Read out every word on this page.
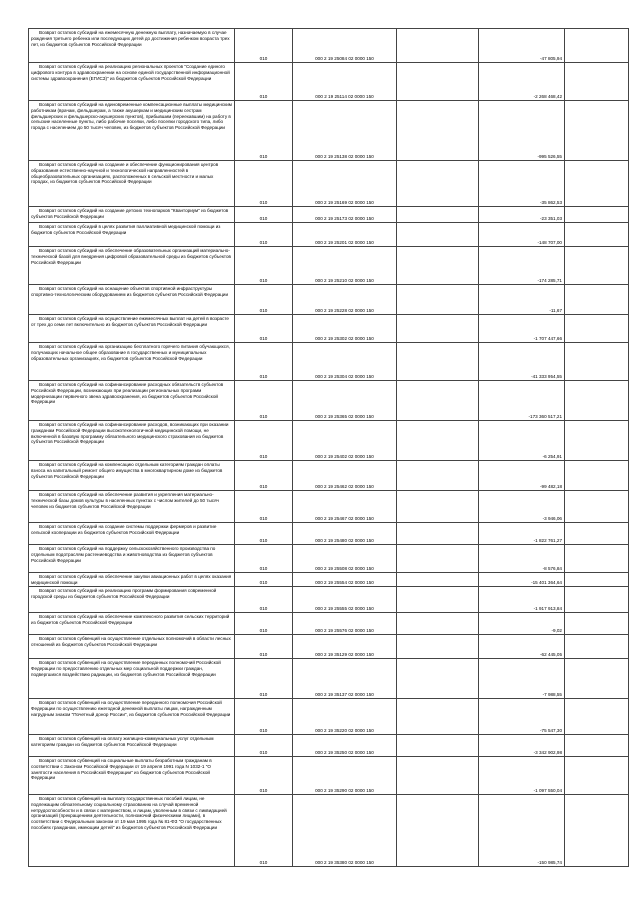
Возврат остатков субсидий на ежемесячную денежную выплату, назначаемую в случае рождения третьего ребенка или последующих детей до достижения ребенком возраста трех лет, из бюджетов субъектов Российской Федерации	010	000 2 19 25084 02 0000 150		-47 805,94	
Возврат остатков субсидий на реализацию региональных проектов "Создание единого цифрового контура в здравоохранении на основе единой государственной информационной системы здравоохранения (ЕГИСЗ)" из бюджетов субъектов Российской Федерации	010	000 2 19 25114 02 0000 150		-2 268 468,42	
Возврат остатков субсидий на единовременные компенсационные выплаты медицинским работникам (врачам, фельдшерам, а также акушеркам и медицинским сестрам фельдшерских и фельдшерско-акушерских пунктов), прибывшим (переехавшим) на работу в сельские населенные пункты, либо рабочие поселки, либо поселки городского типа, либо города с населением до 50 тысяч человек, из бюджетов субъектов Российской Федерации	010	000 2 19 25138 02 0000 150		-995 526,55	
Возврат остатков субсидий на создание и обеспечение функционирования центров образования естественно-научной и технологической направленностей в общеобразовательных организациях, расположенных в сельской местности и малых городах, из бюджетов субъектов Российской Федерации	010	000 2 19 25169 02 0000 150		-35 862,53	
Возврат остатков субсидий на создание детских технопарков "Кванториум" из бюджетов субъектов Российской Федерации	010	000 2 19 25173 02 0000 150		-23 351,03	
Возврат остатков субсидий в целях развития паллиативной медицинской помощи из бюджетов субъектов Российской Федерации	010	000 2 19 25201 02 0000 150		-148 707,00	
Возврат остатков субсидий на обеспечение образовательных организаций материально-технической базой для внедрения цифровой образовательной среды из бюджетов субъектов Российской Федерации	010	000 2 19 25210 02 0000 150		-174 285,71	
Возврат остатков субсидий на оснащение объектов спортивной инфраструктуры спортивно-технологическим оборудованием из бюджетов субъектов Российской Федерации	010	000 2 19 25228 02 0000 150		-11,67	
Возврат остатков субсидий на осуществление ежемесячных выплат на детей в возрасте от трех до семи лет включительно из бюджетов субъектов Российской Федерации	010	000 2 19 25302 02 0000 150		-1 707 447,66	
Возврат остатков субсидий на организацию бесплатного горячего питания обучающихся, получающих начальное общее образование в государственных и муниципальных образовательных организациях, из бюджетов субъектов Российской Федерации	010	000 2 19 25304 02 0000 150		-41 333 954,55	
Возврат остатков субсидий на софинансирование расходных обязательств субъектов Российской Федерации, возникающих при реализации региональных программ модернизации первичного звена здравоохранения, из бюджетов субъектов Российской Федерации	010	000 2 19 25365 02 0000 150		-173 360 517,21	
Возврат остатков субсидий на софинансирование расходов, возникающих при оказании гражданам Российской Федерации высокотехнологичной медицинской помощи, не включенной в базовую программу обязательного медицинского страхования из бюджетов субъектов Российской Федерации	010	000 2 19 25402 02 0000 150		-6 254,91	
Возврат остатков субсидий на компенсацию отдельным категориям граждан оплаты взноса на капитальный ремонт общего имущества в многоквартирном доме из бюджетов субъектов Российской Федерации	010	000 2 19 25462 02 0000 150		-99 482,18	
Возврат остатков субсидий на обеспечение развития и укрепления материально-технической базы домов культуры в населенных пунктах с числом жителей до 50 тысяч человек из бюджетов субъектов Российской Федерации	010	000 2 19 25467 02 0000 150		-3 946,06	
Возврат остатков субсидий на создание системы поддержки фермеров и развитие сельской кооперации из бюджетов субъектов Российской Федерации	010	000 2 19 25480 02 0000 150		-1 822 761,27	
Возврат остатков субсидий на поддержку сельскохозяйственного производства по отдельным подотраслям растениеводства и животноводства из бюджетов субъектов Российской Федерации	010	000 2 19 25508 02 0000 150		-8 576,84	
Возврат остатков субсидий на обеспечение закупки авиационных работ в целях оказания медицинской помощи	010	000 2 19 25554 02 0000 150		-15 401 364,64	
Возврат остатков субсидий на реализацию программ формирования современной городской среды из бюджетов субъектов Российской Федерации	010	000 2 19 25555 02 0000 150		-1 917 913,84	
Возврат остатков субсидий на обеспечение комплексного развития сельских территорий из бюджетов субъектов Российской Федерации	010	000 2 19 25576 02 0000 150		-9,02	
Возврат остатков субвенций на осуществление отдельных полномочий в области лесных отношений из бюджетов субъектов Российской Федерации	010	000 2 19 35129 02 0000 150		-62 445,05	
Возврат остатков субвенций на осуществление переданных полномочий Российской Федерации по предоставлению отдельных мер социальной поддержки граждан, подвергшихся воздействию радиации, из бюджетов субъектов Российской Федерации	010	000 2 19 35137 02 0000 150		-7 988,55	
Возврат остатков субвенций на осуществление переданного полномочия Российской Федерации по осуществлению ежегодной денежной выплаты лицам, награжденным нагрудным знаком "Почетный донор России", из бюджетов субъектов Российской Федерации	010	000 2 19 35220 02 0000 150		-75 547,30	
Возврат остатков субвенций на оплату жилищно-коммунальных услуг отдельным категориям граждан из бюджетов субъектов Российской Федерации	010	000 2 19 35250 02 0000 150		-3 342 902,98	
Возврат остатков субвенций на социальные выплаты безработным гражданам в соответствии с Законом Российской Федерации от 19 апреля 1991 года N 1032-1 "О занятости населения в Российской Федерации" из бюджетов субъектов Российской Федерации	010	000 2 19 35290 02 0000 150		-1 097 550,04	
Возврат остатков субвенций на выплату государственных пособий лицам, не подлежащим обязательному социальному страхованию на случай временной нетрудоспособности и в связи с материнством, и лицам, уволенным в связи с ликвидацией организаций (прекращением деятельности, полномочий физическими лицами), в соответствии с Федеральным законом от 19 мая 1995 года № 81-ФЗ "О государственных пособиях гражданам, имеющим детей" из бюджетов субъектов Российской Федерации	010	000 2 19 35380 02 0000 150		-150 985,74	
